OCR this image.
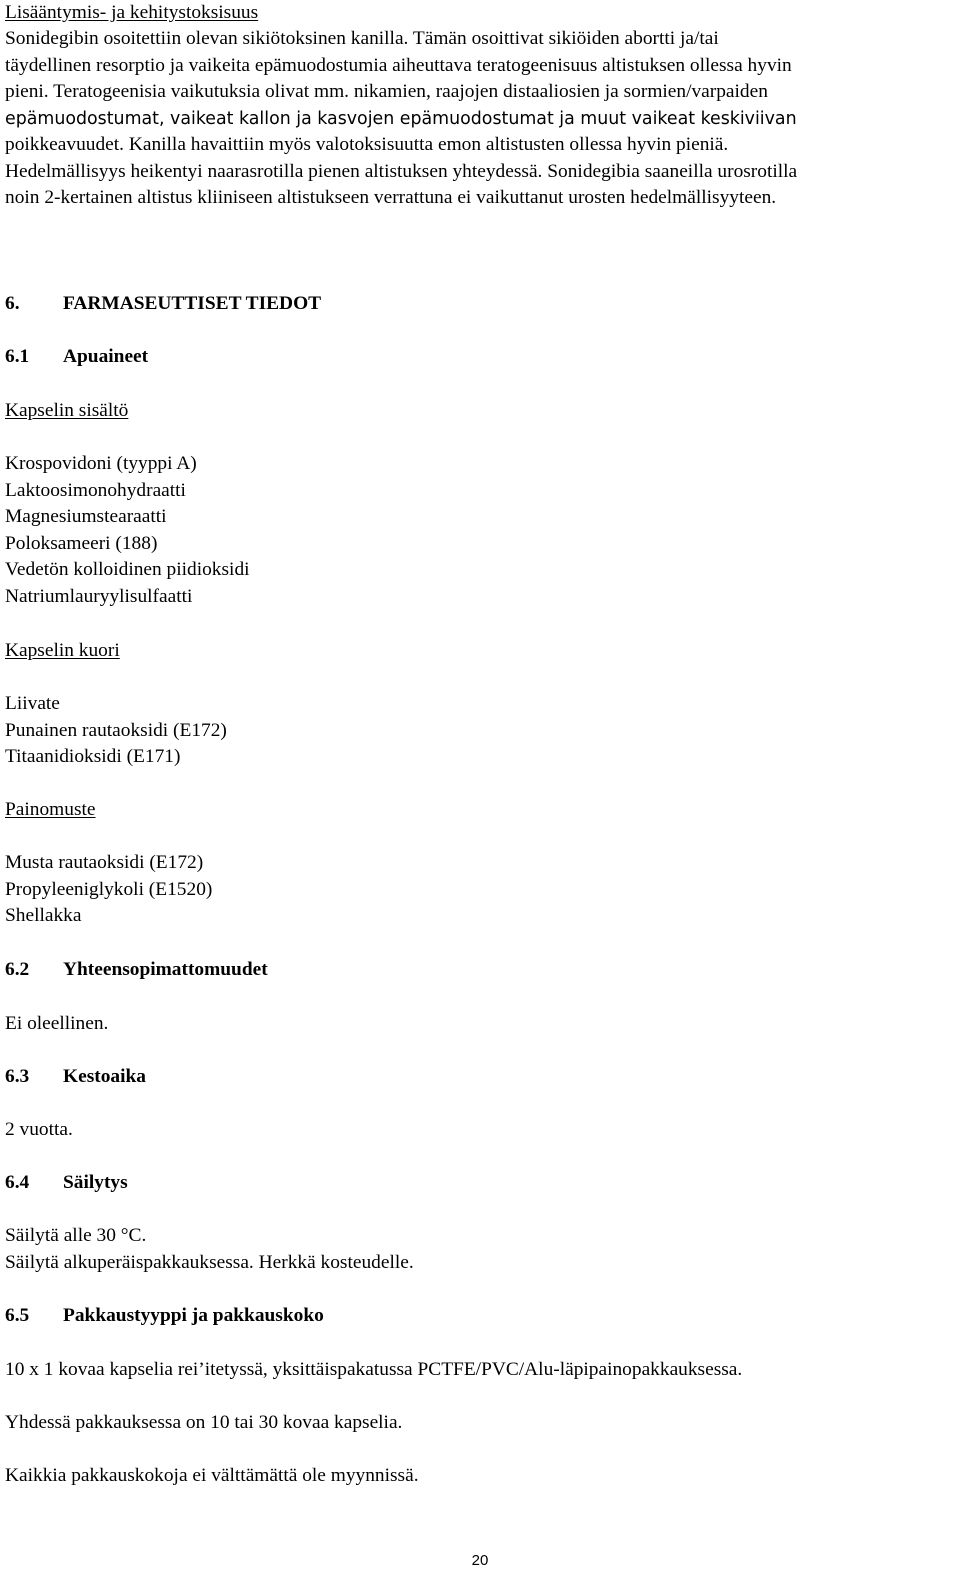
Lisääntymis- ja kehitystoksisuus
Sonidegibin osoitettiin olevan sikiötoksinen kanilla. Tämän osoittivat sikiöiden abortti ja/tai
täydellinen resorptio ja vaikeita epämuodostumia aiheuttava teratogeenisuus altistuksen ollessa hyvin
pieni. Teratogeenisia vaikutuksia olivat mm. nikamien, raajojen distaaliosien ja sormien/varpaiden
epämuodostumat, vaikeat kallon ja kasvojen epämuodostumat ja muut vaikeat keskiviivan
poikkeavuudet. Kanilla havaittiin myös valotoksisuutta emon altistusten ollessa hyvin pieniä.
Hedelmällisyys heikentyi naarasrotilla pienen altistuksen yhteydessä. Sonidegibia saaneilla urosrotilla
noin 2-kertainen altistus kliiniseen altistukseen verrattuna ei vaikuttanut urosten hedelmällisyyteen.
6. FARMASEUTTISET TIEDOT
6.1 Apuaineet
Kapselin sisältö
Krospovidoni (tyyppi A)
Laktoosimonohydraatti
Magnesiumstearaatti
Poloksameeri (188)
Vedetön kolloidinen piidioksidi
Natriumlauryylisulfaatti
Kapselin kuori
Liivate
Punainen rautaoksidi (E172)
Titaanidioksidi (E171)
Painomuste
Musta rautaoksidi (E172)
Propyleeniglykoli (E1520)
Shellakka
6.2 Yhteensopimattomuudet
Ei oleellinen.
6.3 Kestoaika
2 vuotta.
6.4 Säilytys
Säilytä alle 30 °C.
Säilytä alkuperäispakkauksessa. Herkkä kosteudelle.
6.5 Pakkaustyyppi ja pakkauskoko
10 x 1 kovaa kapselia rei’itetyssä, yksittäispakatussa PCTFE/PVC/Alu-läpipainopakkauksessa.
Yhdessä pakkauksessa on 10 tai 30 kovaa kapselia.
Kaikkia pakkauskokoja ei välttämättä ole myynnissä.
20
